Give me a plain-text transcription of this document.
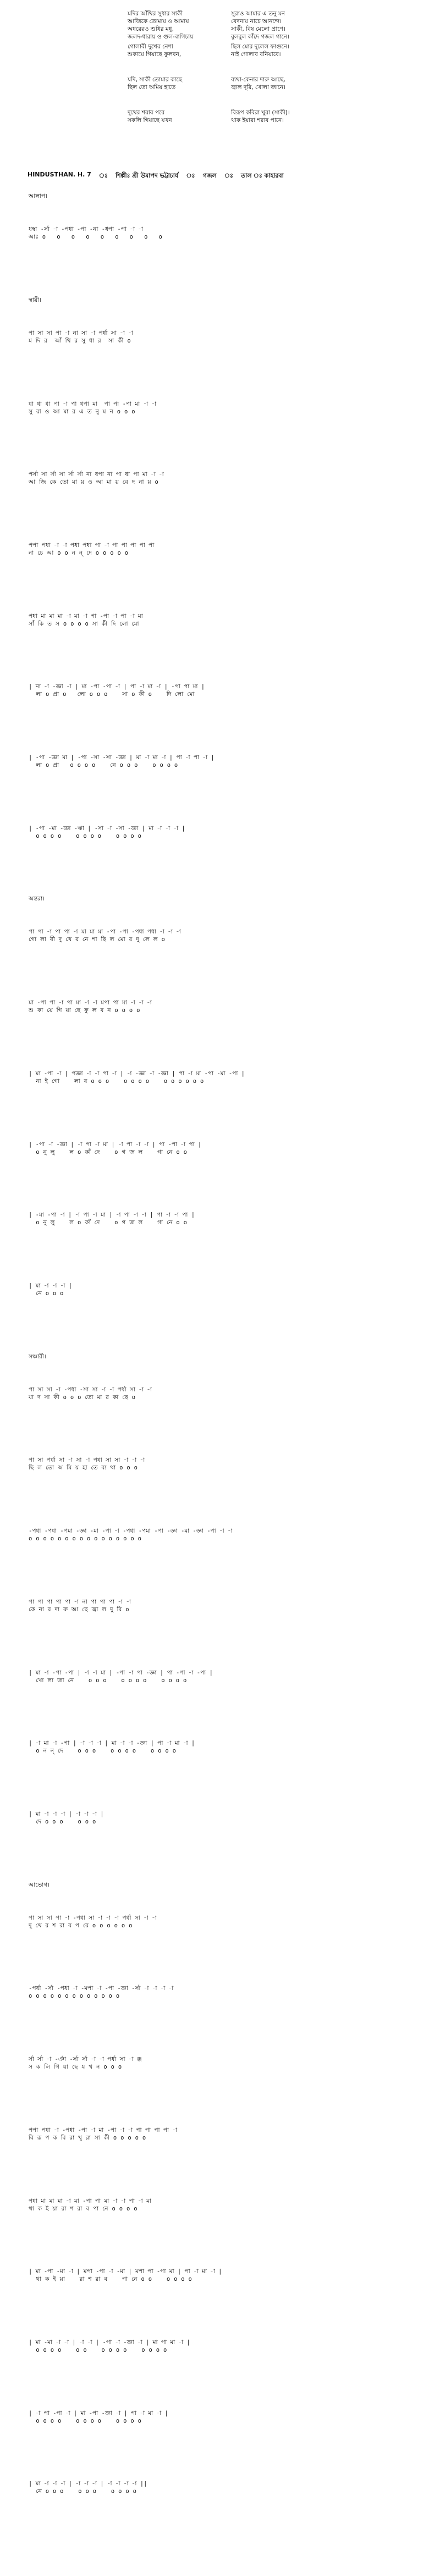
মদির আঁখির সুধার সাকী
আজিকে তোমায় ও আমায়
অধরেরও শুধির মধু,
জলদ-ধারায় ও গুল-বাগিচায়
সুরাও আমার এ তনু মন
বেদনায় নাচে আনন্দে।
সাকী, বিষ মেলো প্রাণে।
বুলবুল কাঁদে গজল গানে।
গোলাবী দুখের নেশা
শুকায়ে গিয়াছে ফুলবন,
ছিল মোর দুলেল ফাগুনে।
নাই গোলাব বনিয়াবে।
যদি, সাকী তোমার কাছে
ছিল তো অমিয় হাতে
ব্যথা-কেনার দারু আছে,
জ্বাল দূরি, খোলা জানে।
দুখের শরাব পরে
সকলি গিয়াছে যখন
বিরূপ কবিরা খুরা (সাকী)।
থাক ইয়ারা শরাব পানে।
HINDUSTHAN. H. 7 ঃ শিল্পীঃ শ্রী উমাপদ ভট্টাচার্য ঃ গজল ঃ তাল ঃ কাহারবা
আলাপ।
ধস্বা -র্সা -া -পধা -পা -না -ধপা -পা -া -া
আঃ o   o   o   o   o   o   o   o   o
স্থায়ী।
পা সা সা পা -া না সা -া পর্ধা সা -া -া
ম দি র  আঁ খি র সু ধা র  সা কী o
ধা ধা ধা পা -া পা ধপা মা  পা পা -পা মা -া -া
সু রা ও আ মা র এ ত নু ম ন o o o
পর্সা সা র্সা সা র্সা র্সা না ধপা না পা ধা পা মা -া -া
আ জি কে তো মা য় ও আ মা য় বে দ না য় o
পপা পধা -া -া পধা পধা পা -া পা পা পা পা পা
না চে আ o o ন ন্ দে o o o o o
পধা মা মা মা -া মা -া পা -পা -া পা -া মা
সাঁ কি ত স o o o o সা কী দি লো মো
| না -া -জ্ঞা -া | মা -পা -পা -া | পা -া মা -া | -পা পা মা |
লা o প্রা o   লো o o o    সা o কী o    দি লো মো
| -পা -জ্ঞা মা | -পা -সা -সা -জ্ঞা | মা -া মা -া | পা -া পা -া |
লা o প্রা   o o o o    নে o o o    o o o o
| -পা -মা -জ্ঞা -ঋা | -সা -া -সা -জ্ঞা | মা -া -া -া |
o o o o    o o o o    o o o o
অন্তরা।
পা পা -া পা পা -া মা মা মা -পা -পা -পধা পধা -া -া -া
গো লা বী দু খে র নে শা ছি ল মো র দু লে ল o
মা -পা পা -া পা মা -া -া মপা পা মা -া -া -া
শু কা য়ে গি য়া ছে ফু ল ব ন o o o o
| মা -পা -া | পজ্ঞা -া -া পা -া | -া -জ্ঞা -া -জ্ঞা | পা -া মা -পা -মা -পা |
না ই গো    লা ব o o o    o o o o    o o o o o o
| -পা -া -জ্ঞা | -া পা -া মা | -া পা -া -া | পা -পা -া পা |
o নু লু    ল o কাঁ দে    o গ জ ল    গা নে o o
| -মা -পা -া | -া পা -া মা | -া পা -া -া | পা -া -া পা |
o নু লু    ল o কাঁ দে    o গ জ ল    গা নে o o
| মা -া -া -া |
নে o o o
সঞ্চারী।
পা সা সা -া -পধা -সা সা -া -া পর্ধা সা -া -া
যা দ সা কী o o o তো মা র কা ছে o
পা সা পর্ধা সা -া সা -া পধা সা সা -া -া -া
ছি ল তো অ মি য় হা তে ব্য থা o o o
-পধা -পধা -পমা -জ্ঞা -মা -পা -া -পধা -পমা -পা -জ্ঞা -মা -জ্ঞা -পা -া -া
o o o o o o o o o o o o o o o o
পা পা পা পা পা -া না পা পা পা -া -া
কে না র দা রু আ ছে জ্বা ল দু রি o
| মা -া -পা -পা | -া -া মা | -পা -া পা -জ্ঞা | পা -পা -া -পা |
খো লা জা নে    o o o    o o o o    o o o o
| -া মা -া -পা | -া -া -া | মা -া -া -জ্ঞা | পা -া মা -া |
o ন ন্ দে    o o o    o o o o    o o o o
| মা -া -া -া | -া -া -া |
দে o o o    o o o
আভোগ।
পা সা সা পা -া -পধা সা -া -া -া পর্ধা সা -া -া
দু খে র শ রা ব প রে o o o o o o
-পর্ধা -র্সা -পধা -া -মপা -া -পা -জ্ঞা -র্সা -া -া -া -া
o o o o o o o o o o o o o
র্সা র্সা -া -র্ঞা -র্সা র্সা -া -া পর্ধা সা -া ঞ্জ
স ক লি গি য়া ছে য খ ন o o o
পপা পধা -া -পধা -পা -া মা -পা -া -া পা পা পা পা -া
বি রূ প ক বি রা খু রা সা কী o o o o o
পধা মা মা মা -া মা -পা পা মা -া -া পা -া মা
থা ক ই য়া রা শ রা ব পা নে o o o o
| মা -পা -মা -া | মপা -পা -া -মা | মপা পা -পা মা | পা -া মা -া |
থা ক ই য়া    রা শ রা ব    পা নে o o    o o o o
| মা -মা -া -া | -া -া | -পা -া -জ্ঞা -া | মা পা মা -া |
o o o o    o o    o o o o    o o o o
| -া পা -পা -া | মা -পা -জ্ঞা -া | পা -া মা -া |
o o o o    o o o o    o o o o
| মা -া -া -া | -া -া -া | -া -া -া -া ||
নে o o o    o o o    o o o o
